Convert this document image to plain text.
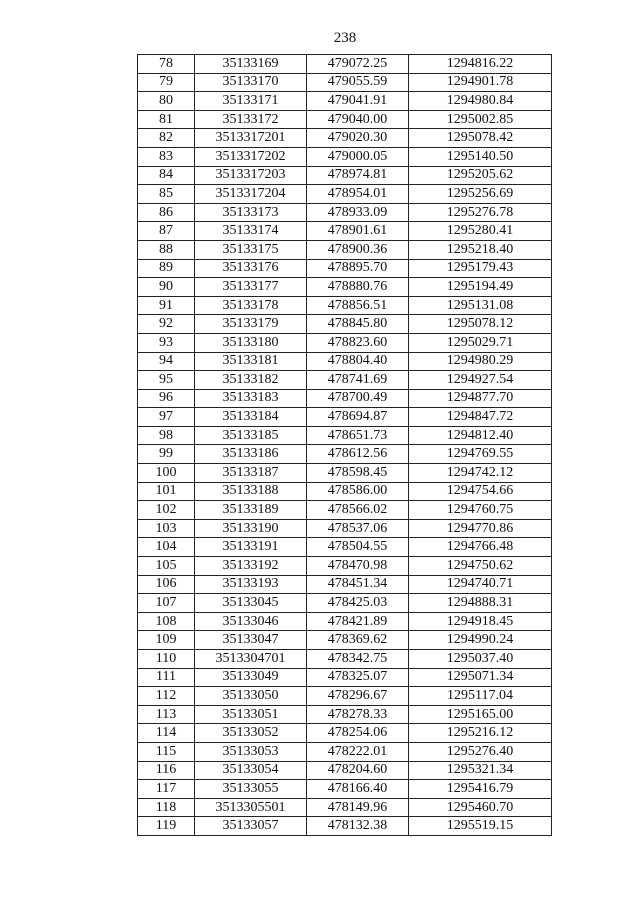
238
78	35133169	479072.25	1294816.22
79	35133170	479055.59	1294901.78
80	35133171	479041.91	1294980.84
81	35133172	479040.00	1295002.85
82	3513317201	479020.30	1295078.42
83	3513317202	479000.05	1295140.50
84	3513317203	478974.81	1295205.62
85	3513317204	478954.01	1295256.69
86	35133173	478933.09	1295276.78
87	35133174	478901.61	1295280.41
88	35133175	478900.36	1295218.40
89	35133176	478895.70	1295179.43
90	35133177	478880.76	1295194.49
91	35133178	478856.51	1295131.08
92	35133179	478845.80	1295078.12
93	35133180	478823.60	1295029.71
94	35133181	478804.40	1294980.29
95	35133182	478741.69	1294927.54
96	35133183	478700.49	1294877.70
97	35133184	478694.87	1294847.72
98	35133185	478651.73	1294812.40
99	35133186	478612.56	1294769.55
100	35133187	478598.45	1294742.12
101	35133188	478586.00	1294754.66
102	35133189	478566.02	1294760.75
103	35133190	478537.06	1294770.86
104	35133191	478504.55	1294766.48
105	35133192	478470.98	1294750.62
106	35133193	478451.34	1294740.71
107	35133045	478425.03	1294888.31
108	35133046	478421.89	1294918.45
109	35133047	478369.62	1294990.24
110	3513304701	478342.75	1295037.40
111	35133049	478325.07	1295071.34
112	35133050	478296.67	1295117.04
113	35133051	478278.33	1295165.00
114	35133052	478254.06	1295216.12
115	35133053	478222.01	1295276.40
116	35133054	478204.60	1295321.34
117	35133055	478166.40	1295416.79
118	3513305501	478149.96	1295460.70
119	35133057	478132.38	1295519.15
